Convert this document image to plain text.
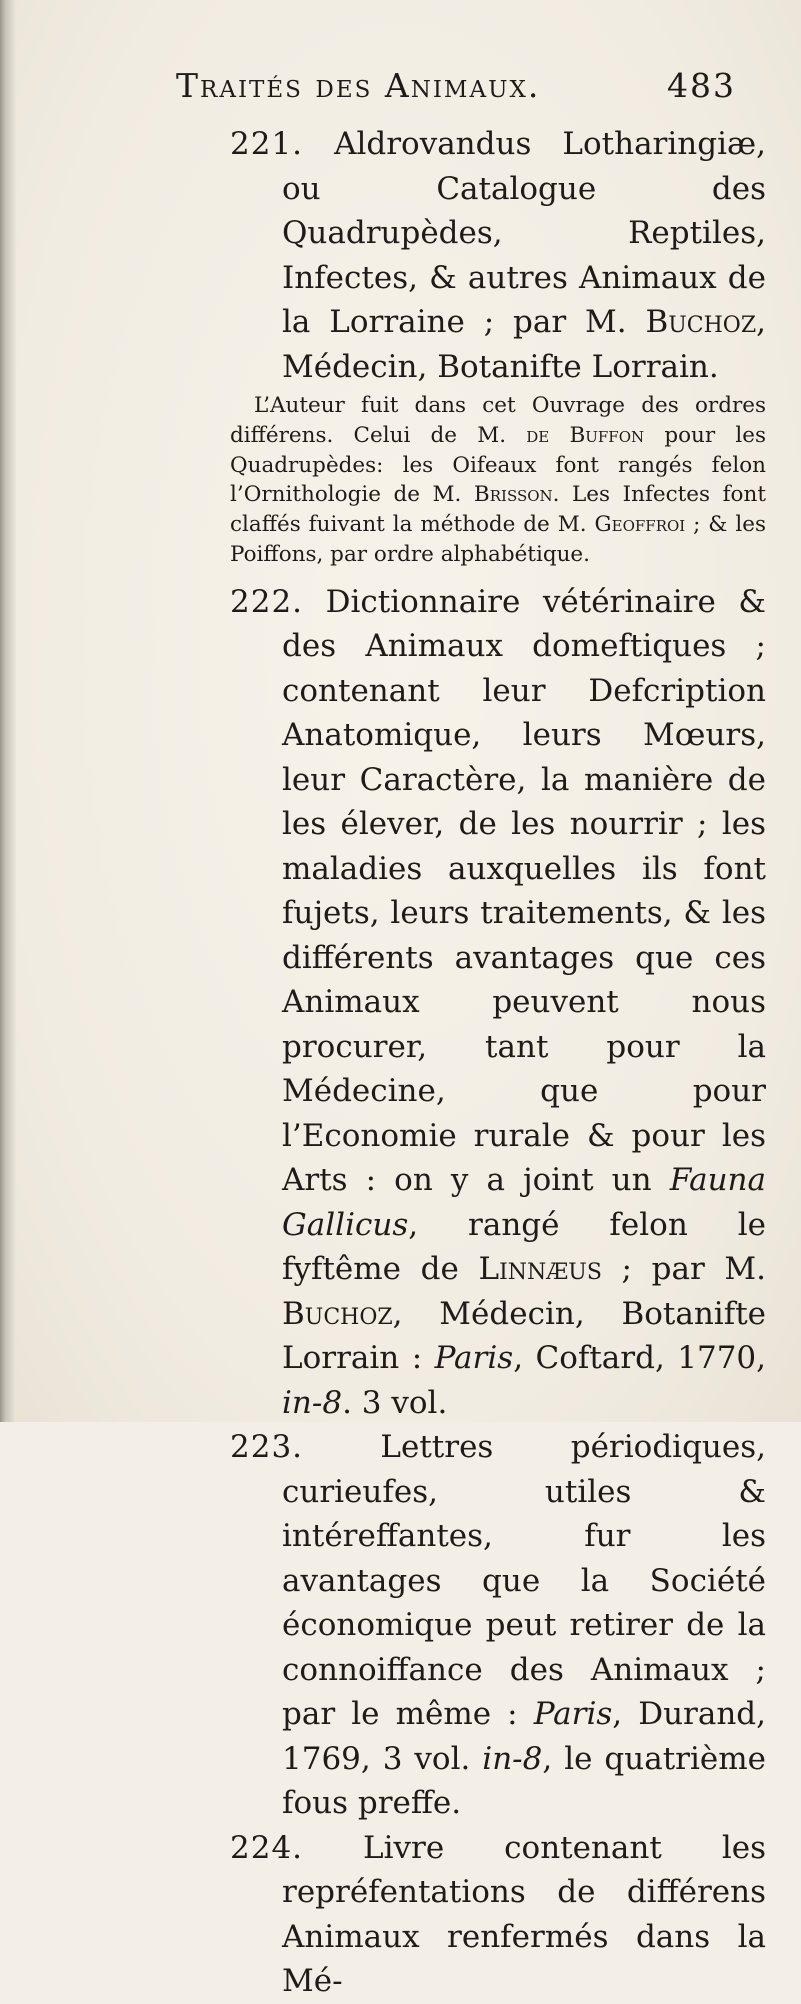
Traités des Animaux.	483

221. Aldrovandus Lotharingiæ, ou Catalogue des Quadrupèdes, Reptiles, Infectes, & autres Animaux de la Lorraine ; par M. Buchoz, Médecin, Botanifte Lorrain.

L’Auteur fuit dans cet Ouvrage des ordres différens. Celui de M. de Buffon pour les Quadrupèdes: les Oifeaux font rangés felon l’Ornithologie de M. Brisson. Les Infectes font claffés fuivant la méthode de M. Geoffroi ; & les Poiffons, par ordre alphabétique.

222. Dictionnaire vétérinaire & des Animaux domeftiques ; contenant leur Defcription Anatomique, leurs Mœurs, leur Caractère, la manière de les élever, de les nourrir ; les maladies auxquelles ils font fujets, leurs traitements, & les différents avantages que ces Animaux peuvent nous procurer, tant pour la Médecine, que pour l’Economie rurale & pour les Arts : on y a joint un Fauna Gallicus, rangé felon le fyftême de Linnæus ; par M. Buchoz, Médecin, Botanifte Lorrain : Paris, Coftard, 1770, in-8. 3 vol.

223. Lettres périodiques, curieufes, utiles & intéreffantes, fur les avantages que la Société économique peut retirer de la connoiffance des Animaux ; par le même : Paris, Durand, 1769, 3 vol. in-8, le quatrième fous preffe.

224. Livre contenant les repréfentations de différens Animaux renfermés dans la Mé-
